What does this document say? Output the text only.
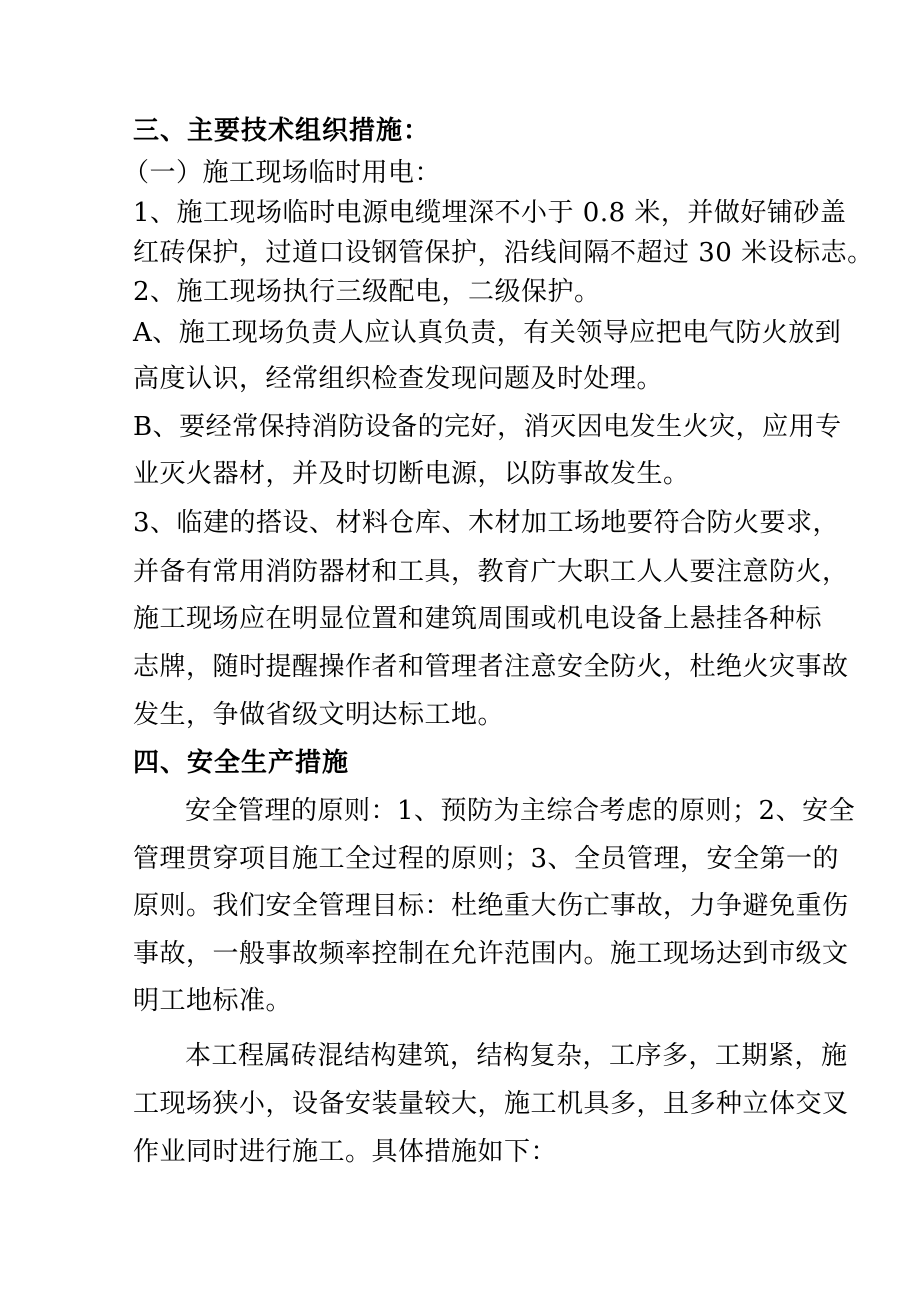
三、主要技术组织措施：
（一）施工现场临时用电：
1、施工现场临时电源电缆埋深不小于 0.8 米，并做好铺砂盖
红砖保护，过道口设钢管保护，沿线间隔不超过 30 米设标志。
2、施工现场执行三级配电，二级保护。
A、施工现场负责人应认真负责，有关领导应把电气防火放到
高度认识，经常组织检查发现问题及时处理。
B、要经常保持消防设备的完好，消灭因电发生火灾，应用专
业灭火器材，并及时切断电源，以防事故发生。
3、临建的搭设、材料仓库、木材加工场地要符合防火要求，
并备有常用消防器材和工具，教育广大职工人人要注意防火，
施工现场应在明显位置和建筑周围或机电设备上悬挂各种标
志牌，随时提醒操作者和管理者注意安全防火，杜绝火灾事故
发生，争做省级文明达标工地。
四、安全生产措施
安全管理的原则：1、预防为主综合考虑的原则；2、安全
管理贯穿项目施工全过程的原则；3、全员管理，安全第一的
原则。我们安全管理目标：杜绝重大伤亡事故，力争避免重伤
事故，一般事故频率控制在允许范围内。施工现场达到市级文
明工地标准。
本工程属砖混结构建筑，结构复杂，工序多，工期紧，施
工现场狭小，设备安装量较大，施工机具多，且多种立体交叉
作业同时进行施工。具体措施如下：
